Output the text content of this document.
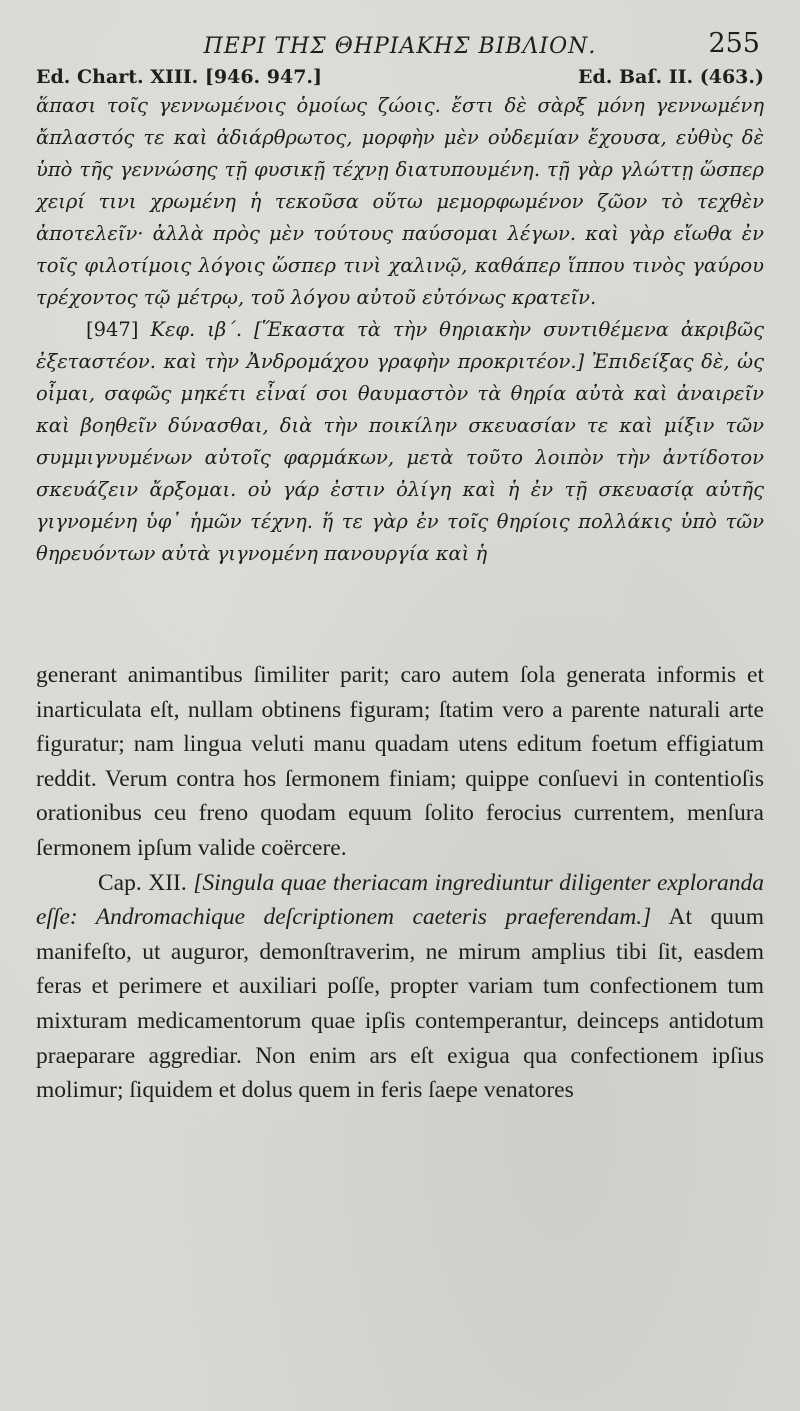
ΠΕΡΙ ΤΗΣ ΘΗΡΙΑΚΗΣ ΒΙΒΛΙΟΝ.	255
Ed. Chart. XIII. [946. 947.]	Ed. Baſ. II. (463.)

ἅπασι τοῖς γεννωμένοις ὁμοίως ζώοις. ἔστι δὲ σὰρξ μόνη γεννωμένη ἄπλαστός τε καὶ ἀδιάρθρωτος, μορφὴν μὲν οὐδεμίαν ἔχουσα, εὐθὺς δὲ ὑπὸ τῆς γεννώσης τῇ φυσικῇ τέχνῃ διατυπουμένη. τῇ γὰρ γλώττῃ ὥσπερ χειρί τινι χρωμένη ἡ τεκοῦσα οὕτω μεμορφωμένον ζῶον τὸ τεχθὲν ἀποτελεῖν· ἀλλὰ πρὸς μὲν τούτους παύσομαι λέγων. καὶ γὰρ εἴωθα ἐν τοῖς φιλοτίμοις λόγοις ὥσπερ τινὶ χαλινῷ, καθάπερ ἵππου τινὸς γαύρου τρέχοντος τῷ μέτρῳ, τοῦ λόγου αὐτοῦ εὐτόνως κρατεῖν.

[947] Κεφ. ιβ΄. [Ἕκαστα τὰ τὴν θηριακὴν συντιθέμενα ἀκριβῶς ἐξεταστέον. καὶ τὴν Ἀνδρομάχου γραφὴν προκριτέον.] Ἐπιδείξας δὲ, ὡς οἶμαι, σαφῶς μηκέτι εἶναί σοι θαυμαστὸν τὰ θηρία αὐτὰ καὶ ἀναιρεῖν καὶ βοηθεῖν δύνασθαι, διὰ τὴν ποικίλην σκευασίαν τε καὶ μίξιν τῶν συμμιγνυμένων αὐτοῖς φαρμάκων, μετὰ τοῦτο λοιπὸν τὴν ἀντίδοτον σκευάζειν ἄρξομαι. οὐ γάρ ἐστιν ὀλίγη καὶ ἡ ἐν τῇ σκευασίᾳ αὐτῆς γιγνομένη ὑφ᾽ ἡμῶν τέχνη. ἥ τε γὰρ ἐν τοῖς θηρίοις πολλάκις ὑπὸ τῶν θηρευόντων αὐτὰ γιγνομένη πανουργία καὶ ἡ

generant animantibus ſimiliter parit; caro autem ſola generata informis et inarticulata eſt, nullam obtinens figuram; ſtatim vero a parente naturali arte figuratur; nam lingua veluti manu quadam utens editum foetum effigiatum reddit. Verum contra hos ſermonem finiam; quippe conſuevi in contentioſis orationibus ceu freno quodam equum ſolito ferocius currentem, menſura ſermonem ipſum valide coërcere.

Cap. XII. [Singula quae theriacam ingrediuntur diligenter exploranda eſſe: Andromachique deſcriptionem caeteris praeferendam.] At quum manifeſto, ut auguror, demonſtraverim, ne mirum amplius tibi ſit, easdem feras et perimere et auxiliari poſſe, propter variam tum confectionem tum mixturam medicamentorum quae ipſis contemperantur, deinceps antidotum praeparare aggrediar. Non enim ars eſt exigua qua confectionem ipſius molimur; ſiquidem et dolus quem in feris ſaepe venatores
